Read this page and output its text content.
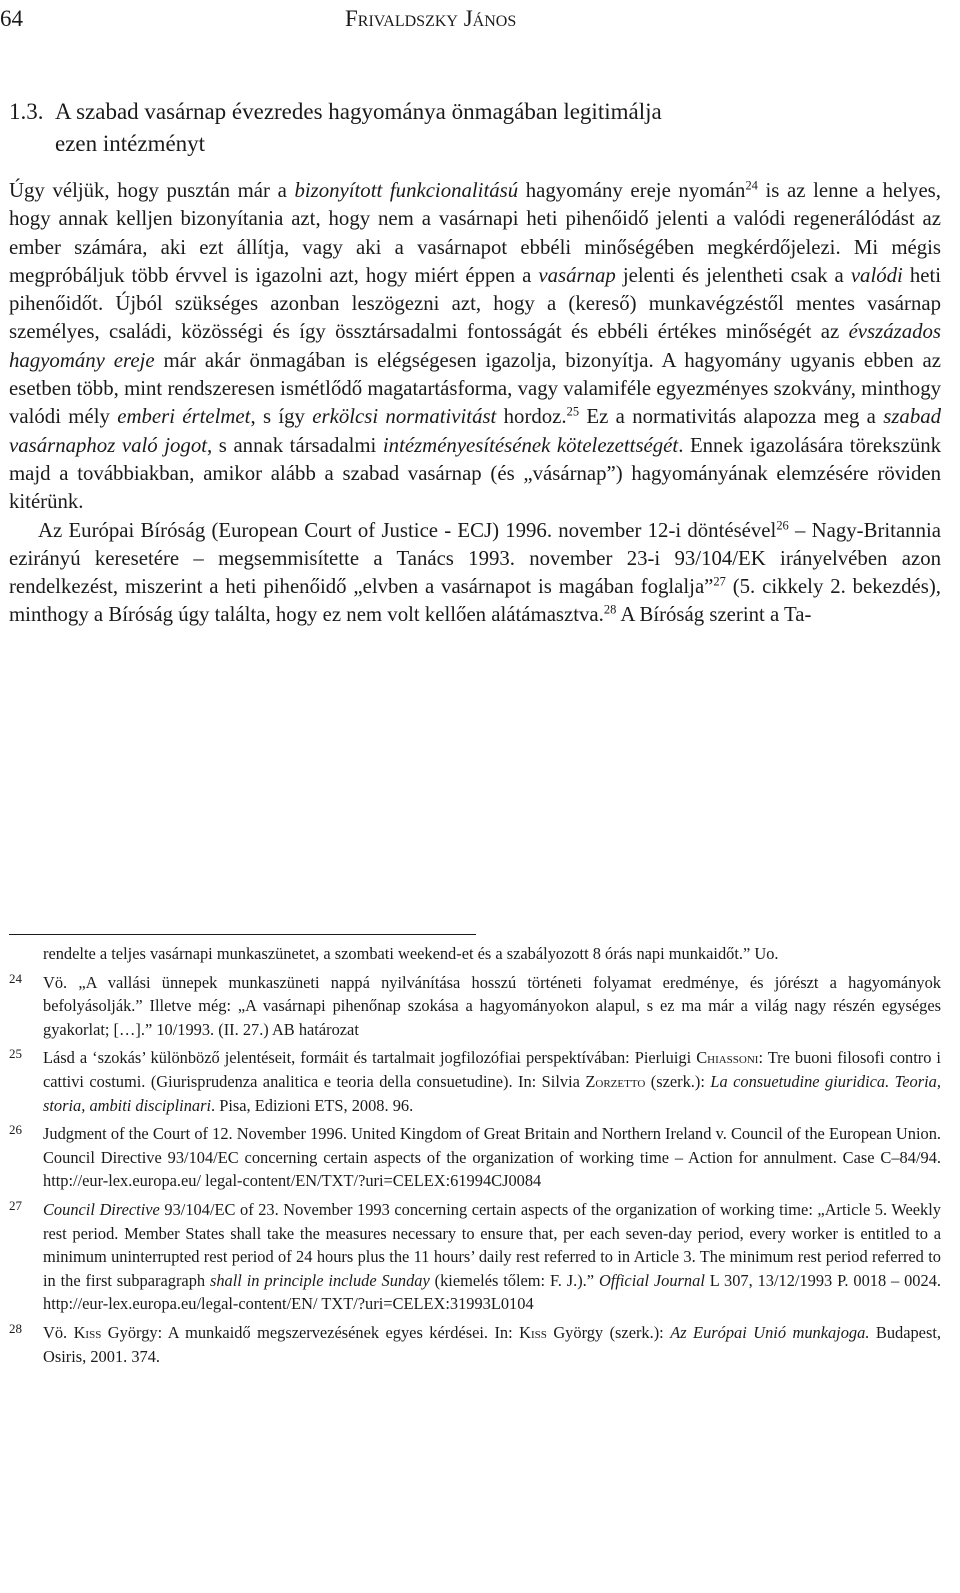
64	Frivaldszky János
1.3. A szabad vasárnap évezredes hagyománya önmagában legitimálja
ezen intézményt

Úgy véljük, hogy pusztán már a bizonyított funkcionalitású hagyomány ereje nyomán$^{24}$ is az lenne a helyes, hogy annak kelljen bizonyítania azt, hogy nem a vasárnapi heti pihenőidő jelenti a valódi regenerálódást az ember számára, aki ezt állítja, vagy aki a vasárnapot ebbéli minőségében megkérdőjelezi. Mi mégis megpróbáljuk több érvvel is igazolni azt, hogy miért éppen a vasárnap jelenti és jelentheti csak a valódi heti pihenőidőt. Újból szükséges azonban leszögezni azt, hogy a (kereső) munkavégzéstől mentes vasárnap személyes, családi, közösségi és így össztársadalmi fontosságát és ebbéli értékes minőségét az évszázados hagyomány ereje már akár önmagában is elégségesen igazolja, bizonyítja. A hagyomány ugyanis ebben az esetben több, mint rendszeresen ismétlődő magatartásforma, vagy valamiféle egyezményes szokvány, minthogy valódi mély emberi értelmet, s így erkölcsi normativitást hordoz.$^{25}$ Ez a normativitás alapozza meg a szabad vasárnaphoz való jogot, s annak társadalmi intézményesítésének kötelezettségét. Ennek igazolására törekszünk majd a továbbiakban, amikor alább a szabad vasárnap (és „vásárnap”) hagyományának elemzésére röviden kitérünk.

Az Európai Bíróság (European Court of Justice - ECJ) 1996. november 12-i döntésével$^{26}$ – Nagy-Britannia ezirányú keresetére – megsemmisítette a Tanács 1993. november 23-i 93/104/EK irányelvében azon rendelkezést, miszerint a heti pihenőidő „elvben a vasárnapot is magában foglalja”$^{27}$ (5. cikkely 2. bekezdés), minthogy a Bíróság úgy találta, hogy ez nem volt kellően alátámasztva.$^{28}$ A Bíróság szerint a Ta-

rendelte a teljes vasárnapi munkaszünetet, a szombati weekend-et és a szabályozott 8 órás napi munkaidőt.” Uo.
24 Vö. „A vallási ünnepek munkaszüneti nappá nyilvánítása hosszú történeti folyamat eredménye, és jórészt a hagyományok befolyásolják.” Illetve még: „A vasárnapi pihenőnap szokása a hagyományokon alapul, s ez ma már a világ nagy részén egységes gyakorlat; […].” 10/1993. (II. 27.) AB határozat
25 Lásd a ‘szokás’ különböző jelentéseit, formáit és tartalmait jogfilozófiai perspektívában: Pierluigi Chiassoni: Tre buoni filosofi contro i cattivi costumi. (Giurisprudenza analitica e teoria della consuetudine). In: Silvia Zorzetto (szerk.): La consuetudine giuridica. Teoria, storia, ambiti disciplinari. Pisa, Edizioni ETS, 2008. 96.
26 Judgment of the Court of 12. November 1996. United Kingdom of Great Britain and Northern Ireland v. Council of the European Union. Council Directive 93/104/EC concerning certain aspects of the organization of working time – Action for annulment. Case C–84/94. http://eur-lex.europa.eu/ legal-content/EN/TXT/?uri=CELEX:61994CJ0084
27 Council Directive 93/104/EC of 23. November 1993 concerning certain aspects of the organization of working time: „Article 5. Weekly rest period. Member States shall take the measures necessary to ensure that, per each seven-day period, every worker is entitled to a minimum uninterrupted rest period of 24 hours plus the 11 hours’ daily rest referred to in Article 3. The minimum rest period referred to in the first subparagraph shall in principle include Sunday (kiemelés tőlem: F. J.).” Official Journal L 307, 13/12/1993 P. 0018 – 0024. http://eur-lex.europa.eu/legal-content/EN/ TXT/?uri=CELEX:31993L0104
28 Vö. Kiss György: A munkaidő megszervezésének egyes kérdései. In: Kiss György (szerk.): Az Európai Unió munkajoga. Budapest, Osiris, 2001. 374.
